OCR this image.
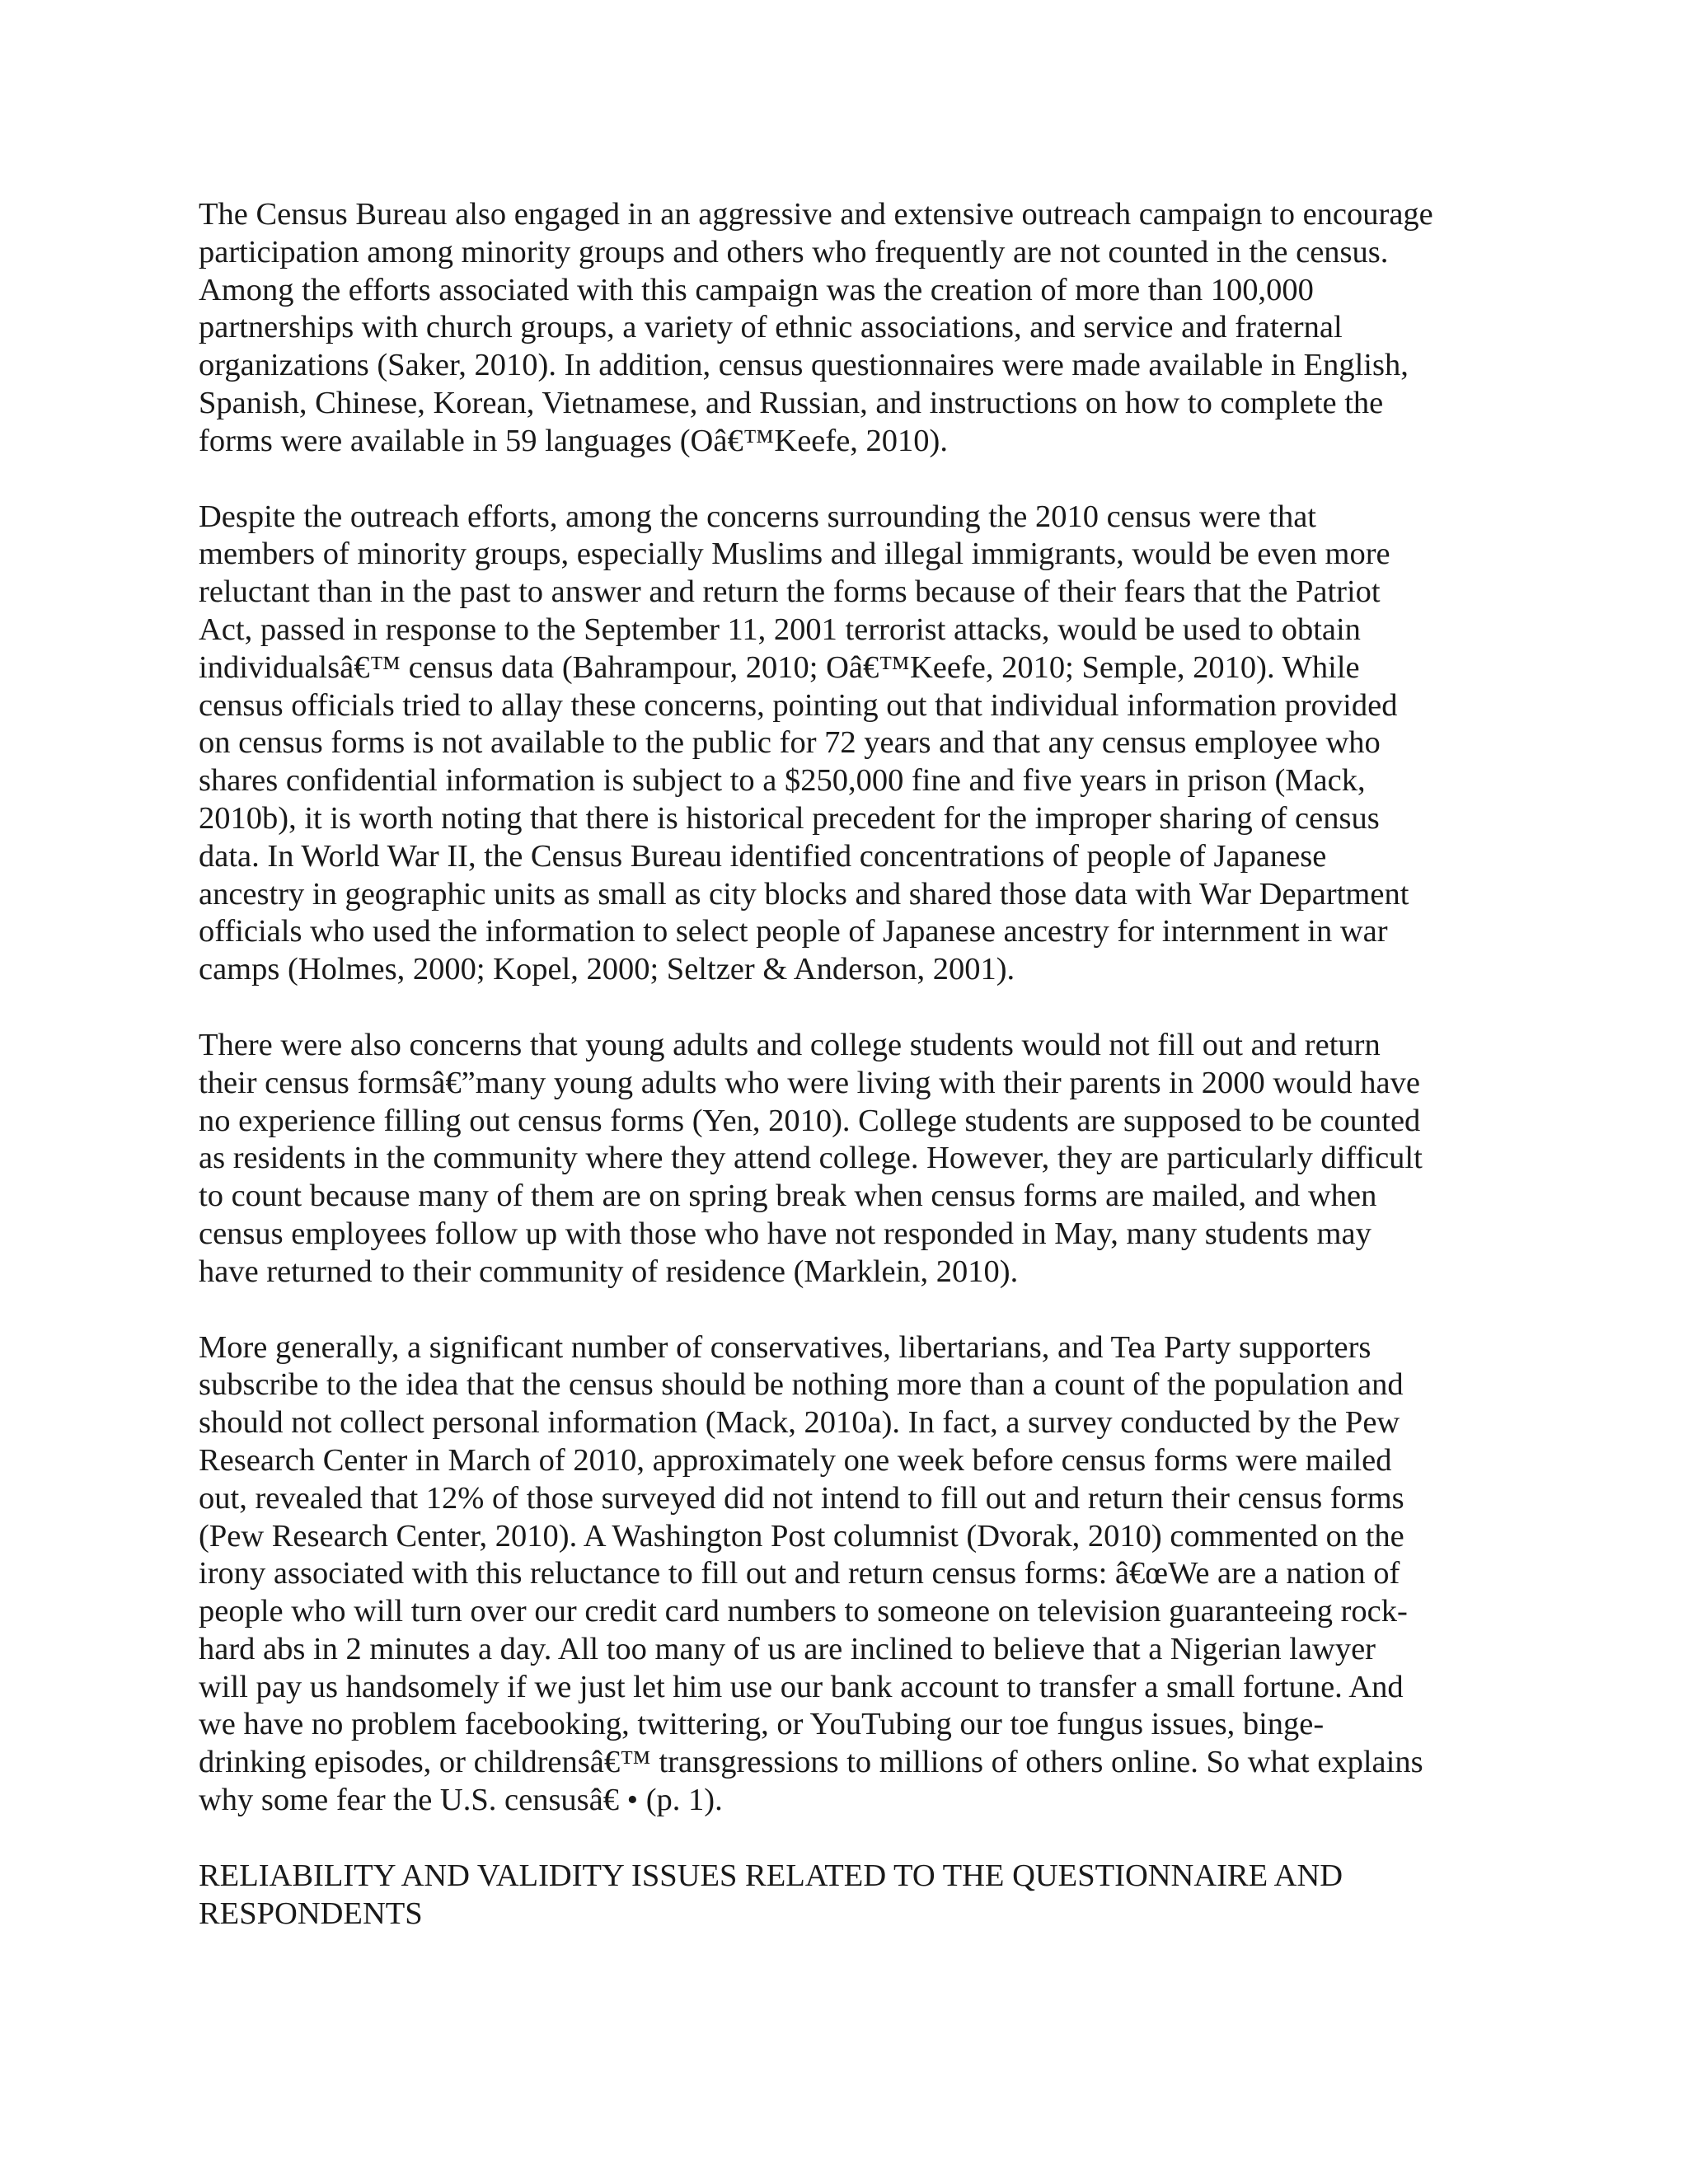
The Census Bureau also engaged in an aggressive and extensive outreach campaign to encourage
participation among minority groups and others who frequently are not counted in the census.
Among the efforts associated with this campaign was the creation of more than 100,000
partnerships with church groups, a variety of ethnic associations, and service and fraternal
organizations (Saker, 2010). In addition, census questionnaires were made available in English,
Spanish, Chinese, Korean, Vietnamese, and Russian, and instructions on how to complete the
forms were available in 59 languages (Oâ€™Keefe, 2010).
Despite the outreach efforts, among the concerns surrounding the 2010 census were that
members of minority groups, especially Muslims and illegal immigrants, would be even more
reluctant than in the past to answer and return the forms because of their fears that the Patriot
Act, passed in response to the September 11, 2001 terrorist attacks, would be used to obtain
individualsâ€™ census data (Bahrampour, 2010; Oâ€™Keefe, 2010; Semple, 2010). While
census officials tried to allay these concerns, pointing out that individual information provided
on census forms is not available to the public for 72 years and that any census employee who
shares confidential information is subject to a $250,000 fine and five years in prison (Mack,
2010b), it is worth noting that there is historical precedent for the improper sharing of census
data. In World War II, the Census Bureau identified concentrations of people of Japanese
ancestry in geographic units as small as city blocks and shared those data with War Department
officials who used the information to select people of Japanese ancestry for internment in war
camps (Holmes, 2000; Kopel, 2000; Seltzer & Anderson, 2001).
There were also concerns that young adults and college students would not fill out and return
their census formsâ€”many young adults who were living with their parents in 2000 would have
no experience filling out census forms (Yen, 2010). College students are supposed to be counted
as residents in the community where they attend college. However, they are particularly difficult
to count because many of them are on spring break when census forms are mailed, and when
census employees follow up with those who have not responded in May, many students may
have returned to their community of residence (Marklein, 2010).
More generally, a significant number of conservatives, libertarians, and Tea Party supporters
subscribe to the idea that the census should be nothing more than a count of the population and
should not collect personal information (Mack, 2010a). In fact, a survey conducted by the Pew
Research Center in March of 2010, approximately one week before census forms were mailed
out, revealed that 12% of those surveyed did not intend to fill out and return their census forms
(Pew Research Center, 2010). A Washington Post columnist (Dvorak, 2010) commented on the
irony associated with this reluctance to fill out and return census forms: â€œWe are a nation of
people who will turn over our credit card numbers to someone on television guaranteeing rock-
hard abs in 2 minutes a day. All too many of us are inclined to believe that a Nigerian lawyer
will pay us handsomely if we just let him use our bank account to transfer a small fortune. And
we have no problem facebooking, twittering, or YouTubing our toe fungus issues, binge-
drinking episodes, or childrensâ€™ transgressions to millions of others online. So what explains
why some fear the U.S. censusâ€ • (p. 1).
RELIABILITY AND VALIDITY ISSUES RELATED TO THE QUESTIONNAIRE AND
RESPONDENTS
